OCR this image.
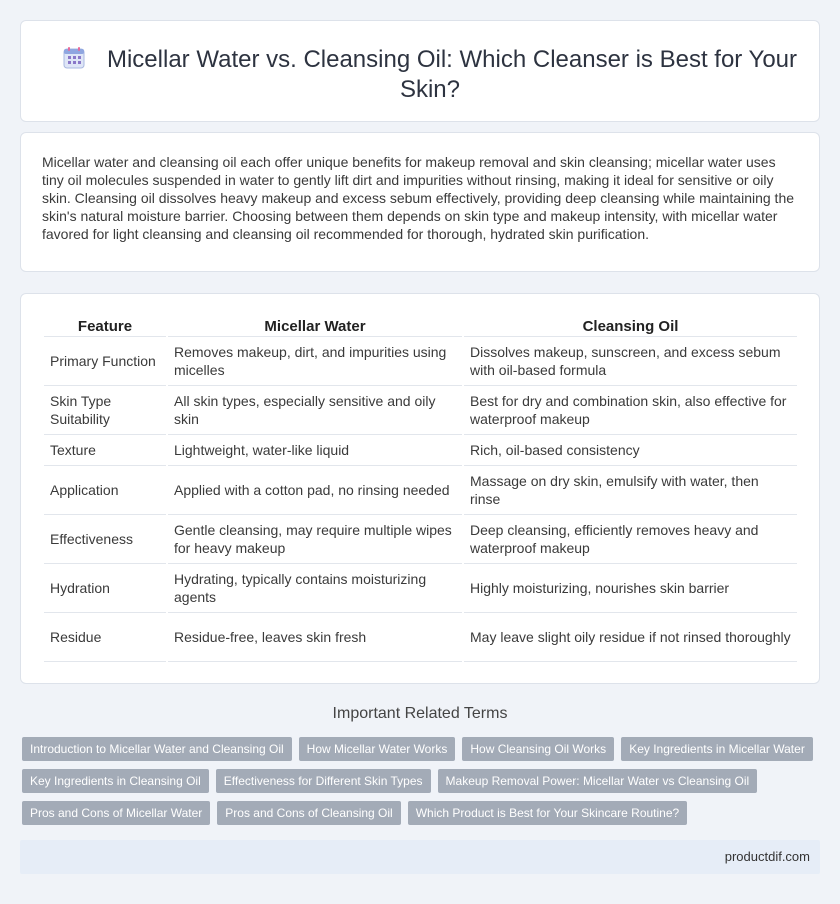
Micellar Water vs. Cleansing Oil: Which Cleanser is Best for Your Skin?

Micellar water and cleansing oil each offer unique benefits for makeup removal and skin cleansing; micellar water uses tiny oil molecules suspended in water to gently lift dirt and impurities without rinsing, making it ideal for sensitive or oily skin. Cleansing oil dissolves heavy makeup and excess sebum effectively, providing deep cleansing while maintaining the skin's natural moisture barrier. Choosing between them depends on skin type and makeup intensity, with micellar water favored for light cleansing and cleansing oil recommended for thorough, hydrated skin purification.

Feature	Micellar Water	Cleansing Oil
Primary Function	Removes makeup, dirt, and impurities using micelles	Dissolves makeup, sunscreen, and excess sebum with oil-based formula
Skin Type Suitability	All skin types, especially sensitive and oily skin	Best for dry and combination skin, also effective for waterproof makeup
Texture	Lightweight, water-like liquid	Rich, oil-based consistency
Application	Applied with a cotton pad, no rinsing needed	Massage on dry skin, emulsify with water, then rinse
Effectiveness	Gentle cleansing, may require multiple wipes for heavy makeup	Deep cleansing, efficiently removes heavy and waterproof makeup
Hydration	Hydrating, typically contains moisturizing agents	Highly moisturizing, nourishes skin barrier
Residue	Residue-free, leaves skin fresh	May leave slight oily residue if not rinsed thoroughly
Important Related Terms
Introduction to Micellar Water and Cleansing Oil	How Micellar Water Works	How Cleansing Oil Works	Key Ingredients in Micellar Water
Key Ingredients in Cleansing Oil	Effectiveness for Different Skin Types	Makeup Removal Power: Micellar Water vs Cleansing Oil
Pros and Cons of Micellar Water	Pros and Cons of Cleansing Oil	Which Product is Best for Your Skincare Routine?
productdif.com
